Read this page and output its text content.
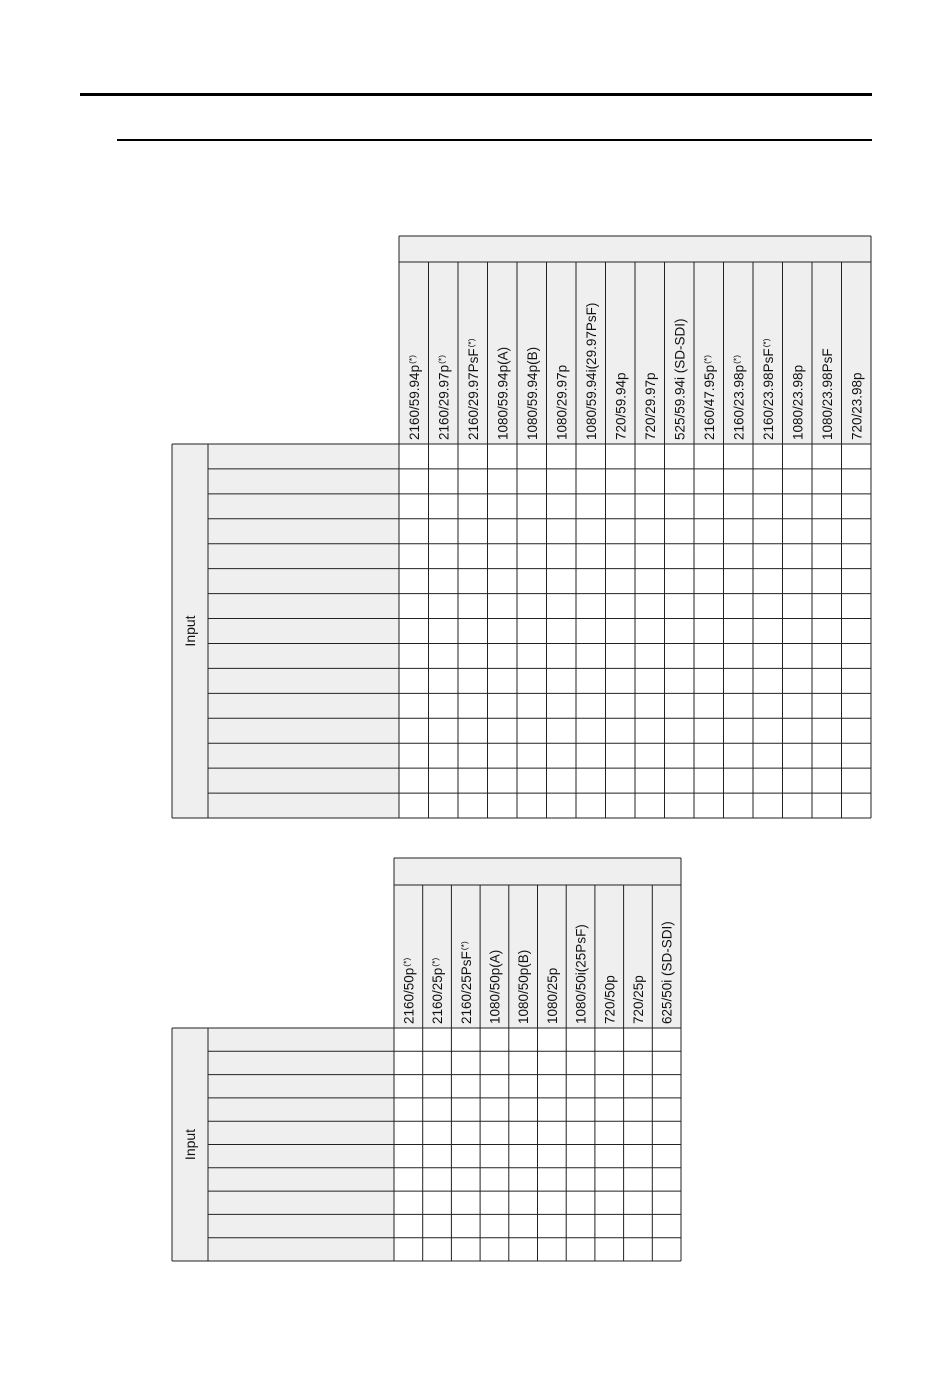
2160/59.94p(*)
2160/29.97p(*)	2160/29.97PsF(*)
1080/59.94p(A) 1080/59.94p(B) 1080/29.97p 1080/59.94i(29.97PsF) 720/59.94p 720/29.97p 525/59.94i (SD-SDI) 2160/47.95p(*)
2160/23.98p(*)	2160/23.98PsF(*)
1080/23.98p 1080/23.98PsF 720/23.98p
Input
2160/50p(*)
2160/25p(*)	2160/25PsF(*)
1080/50p(A) 1080/50p(B) 1080/25p 1080/50i(25PsF) 720/50p 720/25p 625/50i (SD-SDI)
Input
